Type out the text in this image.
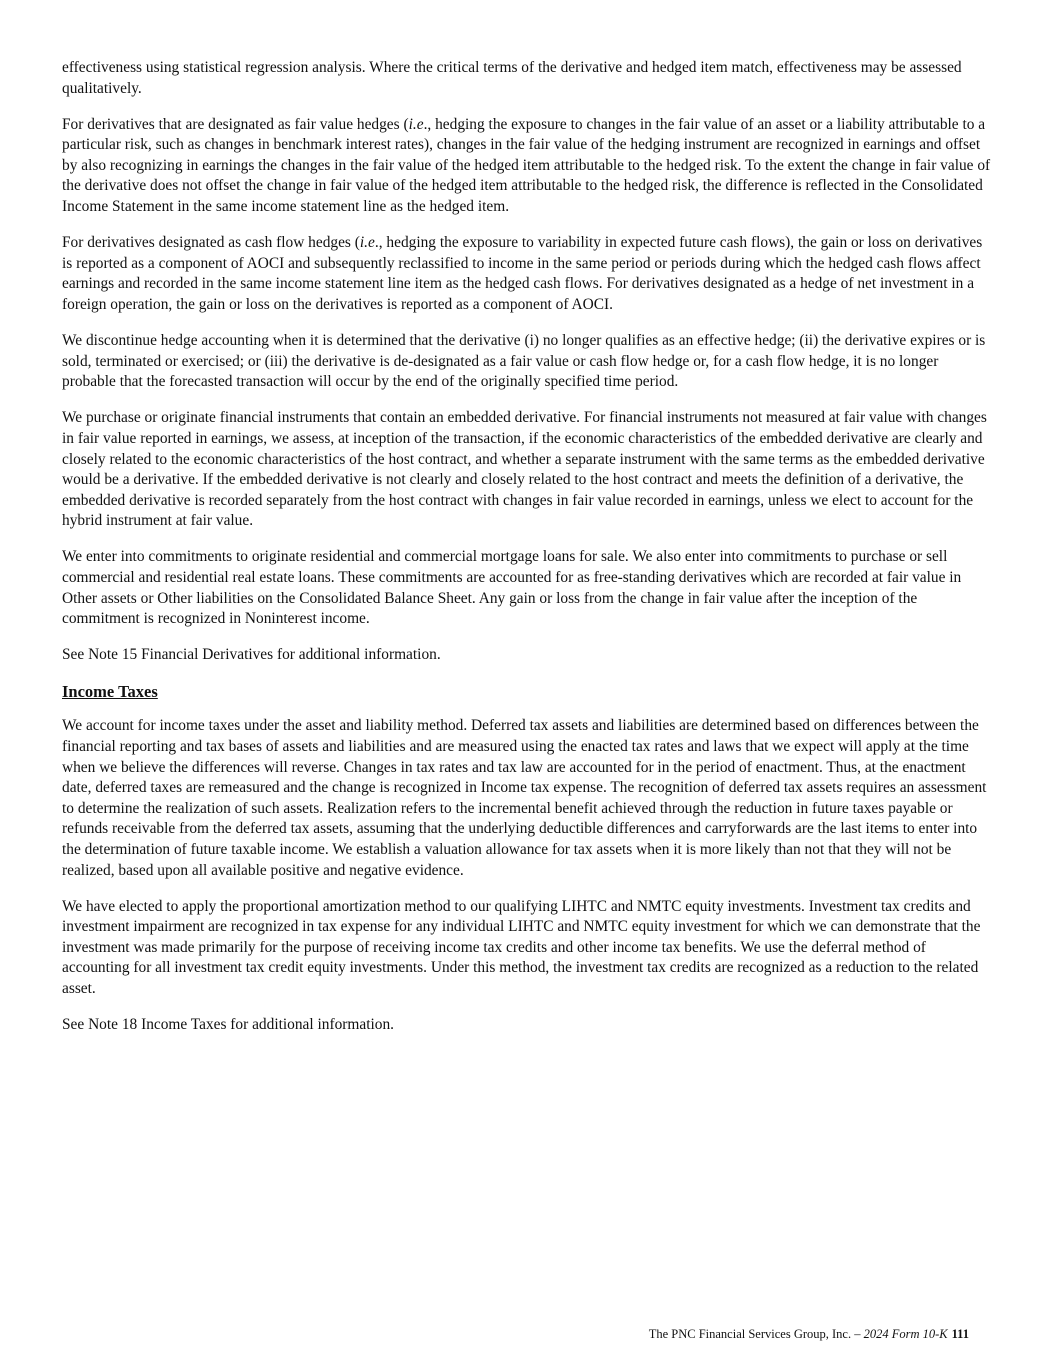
effectiveness using statistical regression analysis. Where the critical terms of the derivative and hedged item match, effectiveness may be assessed qualitatively.

For derivatives that are designated as fair value hedges (i.e., hedging the exposure to changes in the fair value of an asset or a liability attributable to a particular risk, such as changes in benchmark interest rates), changes in the fair value of the hedging instrument are recognized in earnings and offset by also recognizing in earnings the changes in the fair value of the hedged item attributable to the hedged risk. To the extent the change in fair value of the derivative does not offset the change in fair value of the hedged item attributable to the hedged risk, the difference is reflected in the Consolidated Income Statement in the same income statement line as the hedged item.

For derivatives designated as cash flow hedges (i.e., hedging the exposure to variability in expected future cash flows), the gain or loss on derivatives is reported as a component of AOCI and subsequently reclassified to income in the same period or periods during which the hedged cash flows affect earnings and recorded in the same income statement line item as the hedged cash flows. For derivatives designated as a hedge of net investment in a foreign operation, the gain or loss on the derivatives is reported as a component of AOCI.

We discontinue hedge accounting when it is determined that the derivative (i) no longer qualifies as an effective hedge; (ii) the derivative expires or is sold, terminated or exercised; or (iii) the derivative is de-designated as a fair value or cash flow hedge or, for a cash flow hedge, it is no longer probable that the forecasted transaction will occur by the end of the originally specified time period.

We purchase or originate financial instruments that contain an embedded derivative. For financial instruments not measured at fair value with changes in fair value reported in earnings, we assess, at inception of the transaction, if the economic characteristics of the embedded derivative are clearly and closely related to the economic characteristics of the host contract, and whether a separate instrument with the same terms as the embedded derivative would be a derivative. If the embedded derivative is not clearly and closely related to the host contract and meets the definition of a derivative, the embedded derivative is recorded separately from the host contract with changes in fair value recorded in earnings, unless we elect to account for the hybrid instrument at fair value.

We enter into commitments to originate residential and commercial mortgage loans for sale. We also enter into commitments to purchase or sell commercial and residential real estate loans. These commitments are accounted for as free-standing derivatives which are recorded at fair value in Other assets or Other liabilities on the Consolidated Balance Sheet. Any gain or loss from the change in fair value after the inception of the commitment is recognized in Noninterest income.

See Note 15 Financial Derivatives for additional information.

Income Taxes

We account for income taxes under the asset and liability method. Deferred tax assets and liabilities are determined based on differences between the financial reporting and tax bases of assets and liabilities and are measured using the enacted tax rates and laws that we expect will apply at the time when we believe the differences will reverse. Changes in tax rates and tax law are accounted for in the period of enactment. Thus, at the enactment date, deferred taxes are remeasured and the change is recognized in Income tax expense. The recognition of deferred tax assets requires an assessment to determine the realization of such assets. Realization refers to the incremental benefit achieved through the reduction in future taxes payable or refunds receivable from the deferred tax assets, assuming that the underlying deductible differences and carryforwards are the last items to enter into the determination of future taxable income. We establish a valuation allowance for tax assets when it is more likely than not that they will not be realized, based upon all available positive and negative evidence.

We have elected to apply the proportional amortization method to our qualifying LIHTC and NMTC equity investments. Investment tax credits and investment impairment are recognized in tax expense for any individual LIHTC and NMTC equity investment for which we can demonstrate that the investment was made primarily for the purpose of receiving income tax credits and other income tax benefits. We use the deferral method of accounting for all investment tax credit equity investments. Under this method, the investment tax credits are recognized as a reduction to the related asset.

See Note 18 Income Taxes for additional information.

The PNC Financial Services Group, Inc. – 2024 Form 10-K 111
